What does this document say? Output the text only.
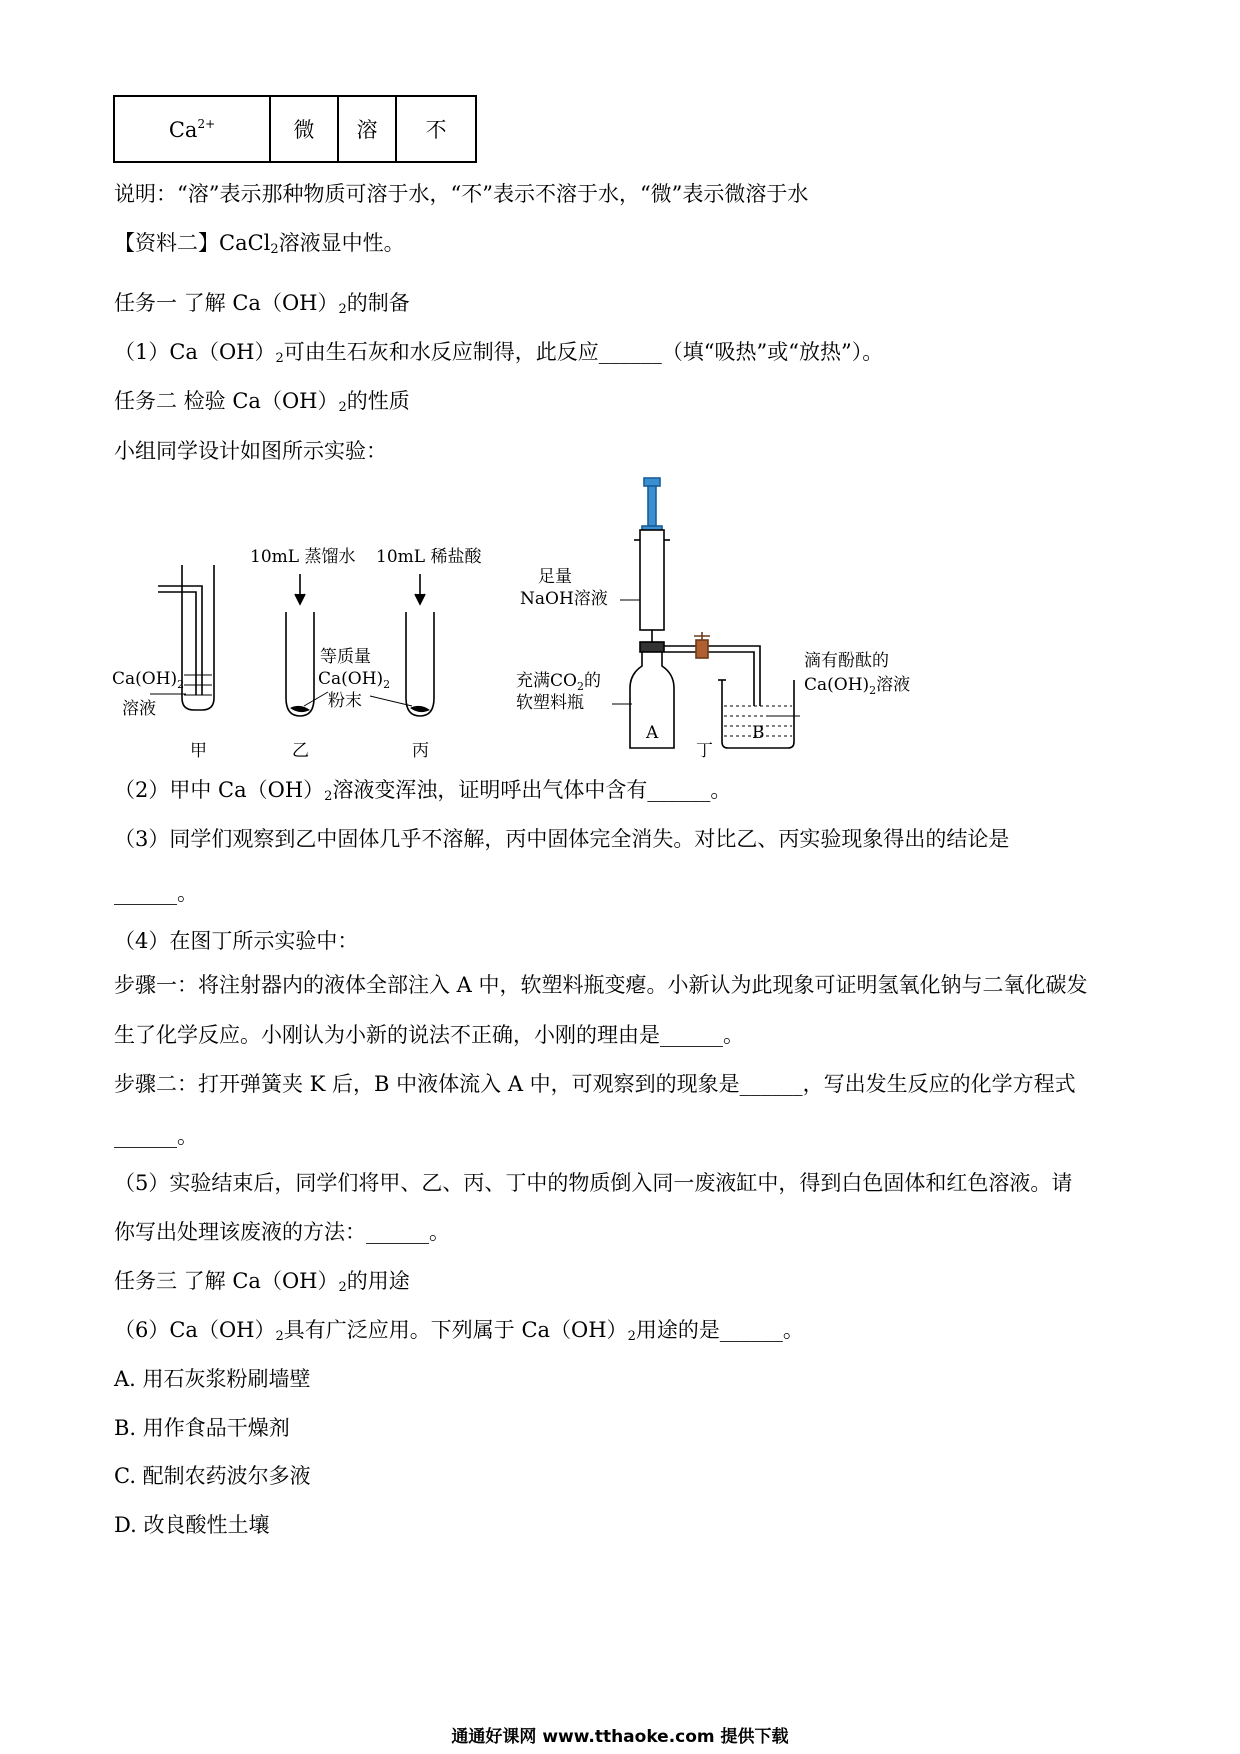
$Ca^{2+}$	微	溶	不
说明：“溶”表示那种物质可溶于水，“不”表示不溶于水，“微”表示微溶于水
【资料二】CaCl$_2$溶液显中性。
任务一 了解 $Ca(OH)_2$的制备
$(1)Ca(OH)_2$可由生石灰和水反应制得，此反应______（填“吸热”或“放热”）。
任务二 检验 $Ca(OH)_2$的性质
小组同学设计如图所示实验：
$Ca(OH)_2$
溶液
甲
10mL 蒸馏水
等质量
$Ca(OH)_2$
粉末
乙
10mL 稀盐酸
丙
足量
NaOH溶液
充满$CO_2$的
软塑料瓶
滴有酚酞的
$Ca(OH)_2$溶液
A	B
丁
（2）甲中 $Ca(OH)_2$溶液变浑浊，证明呼出气体中含有______。
（3）同学们观察到乙中固体几乎不溶解，丙中固体完全消失。对比乙、丙实验现象得出的结论是
______。
（4）在图丁所示实验中：
步骤一：将注射器内的液体全部注入 A 中，软塑料瓶变瘪。小新认为此现象可证明氢氧化钠与二氧化碳发
生了化学反应。小刚认为小新的说法不正确，小刚的理由是______。
步骤二：打开弹簧夹 K 后，B 中液体流入 A 中，可观察到的现象是______，写出发生反应的化学方程式
______。
（5）实验结束后，同学们将甲、乙、丙、丁中的物质倒入同一废液缸中，得到白色固体和红色溶液。请
你写出处理该废液的方法：______。
任务三 了解 $Ca(OH)_2$的用途
$(6)Ca(OH)_2$具有广泛应用。下列属于 $Ca(OH)_2$用途的是______。
A. 用石灰浆粉刷墙壁
B. 用作食品干燥剂
C. 配制农药波尔多液
D. 改良酸性土壤
通通好课网 www.tthaoke.com 提供下载
